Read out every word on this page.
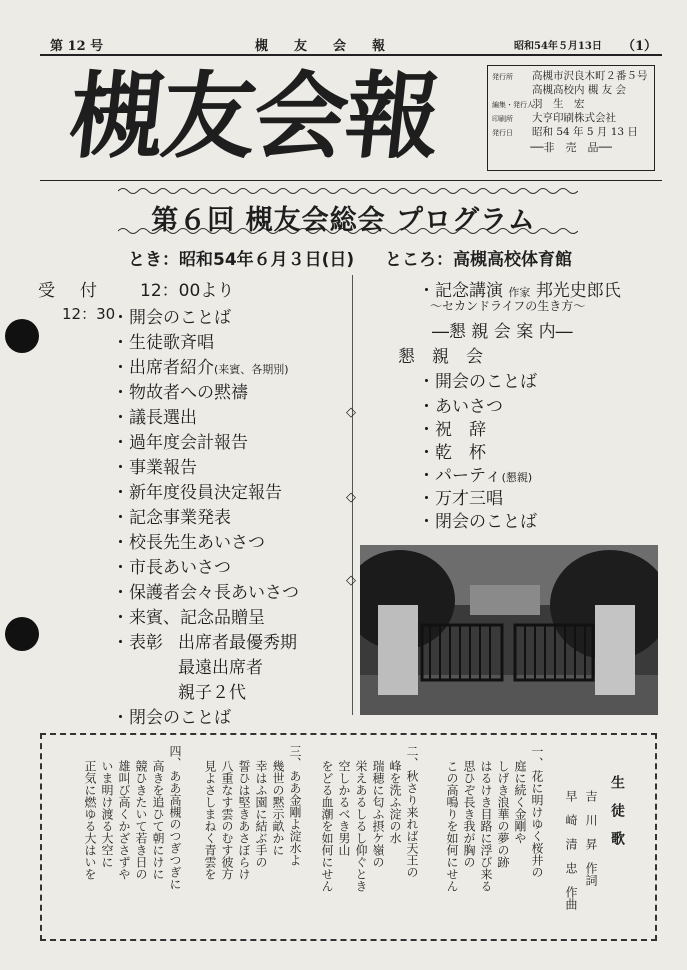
第 12 号	槻　　友　　会　　報	昭和54年５月13日 （1）
槻友会報	発行所	高槻市沢良木町２番５号
高槻高校内 槻 友 会
編集・発行人
羽　生　宏
印刷所	大亨印刷株式会社
発行日	昭和 54 年 5 月 13 日
──非　売　品──
第６回 槻友会総会 プログラム
とき：昭和54年６月３日(日) ところ：高槻高校体育館
受　付 12：00より
12：30
・開会のことば
・生徒歌斉唱
・出席者紹介(来賓、各期別)
・物故者への黙禱
・議長選出
・過年度会計報告
・事業報告
・新年度役員決定報告
・記念事業発表
・校長先生あいさつ
・市長あいさつ
・保護者会々長あいさつ
・来賓、記念品贈呈
・表彰 出席者最優秀期
最遠出席者
親子２代
・閉会のことば
◇
◇
◇
・記念講演 作家 邦光史郎氏
〜セカンドライフの生き方〜
―懇 親 会 案 内―
懇　親　会
・開会のことば
・あいさつ
・祝　辞
・乾　杯
・パーティ(懇親)
・万才三唱
・閉会のことば
生　徒　歌
吉　川　昇　作詞
早　崎　清　忠　作曲
一、
花に明けゆく桜井の
庭に続く金剛や
しげき浪華の夢の跡
はるけき目路に浮び来る
思ひぞ長き我が胸の
この高鳴りを如何にせん
二、
秋さり来れば天王の
峰を洗ふ淀の水
瑞穂に匂ふ摂ケ嶺の
栄えあるしるし仰ぐとき
空しかるべき男山
をどる血潮を如何にせん
三、
ああ金剛よ淀水よ
幾世の黙示畝かに
幸はふ園に結ぶ手の
誓ひは堅きあさぼらけ
八重なす雲のむす彼方
見よさしまねく青雲を
四、
ああ高槻のつぎつぎに
高きを追ひて朝にけに
競ひきたいて若き日の
雄叫び高くかざさずや
いま明け渡る大空に
正気に燃ゆる大はいを
